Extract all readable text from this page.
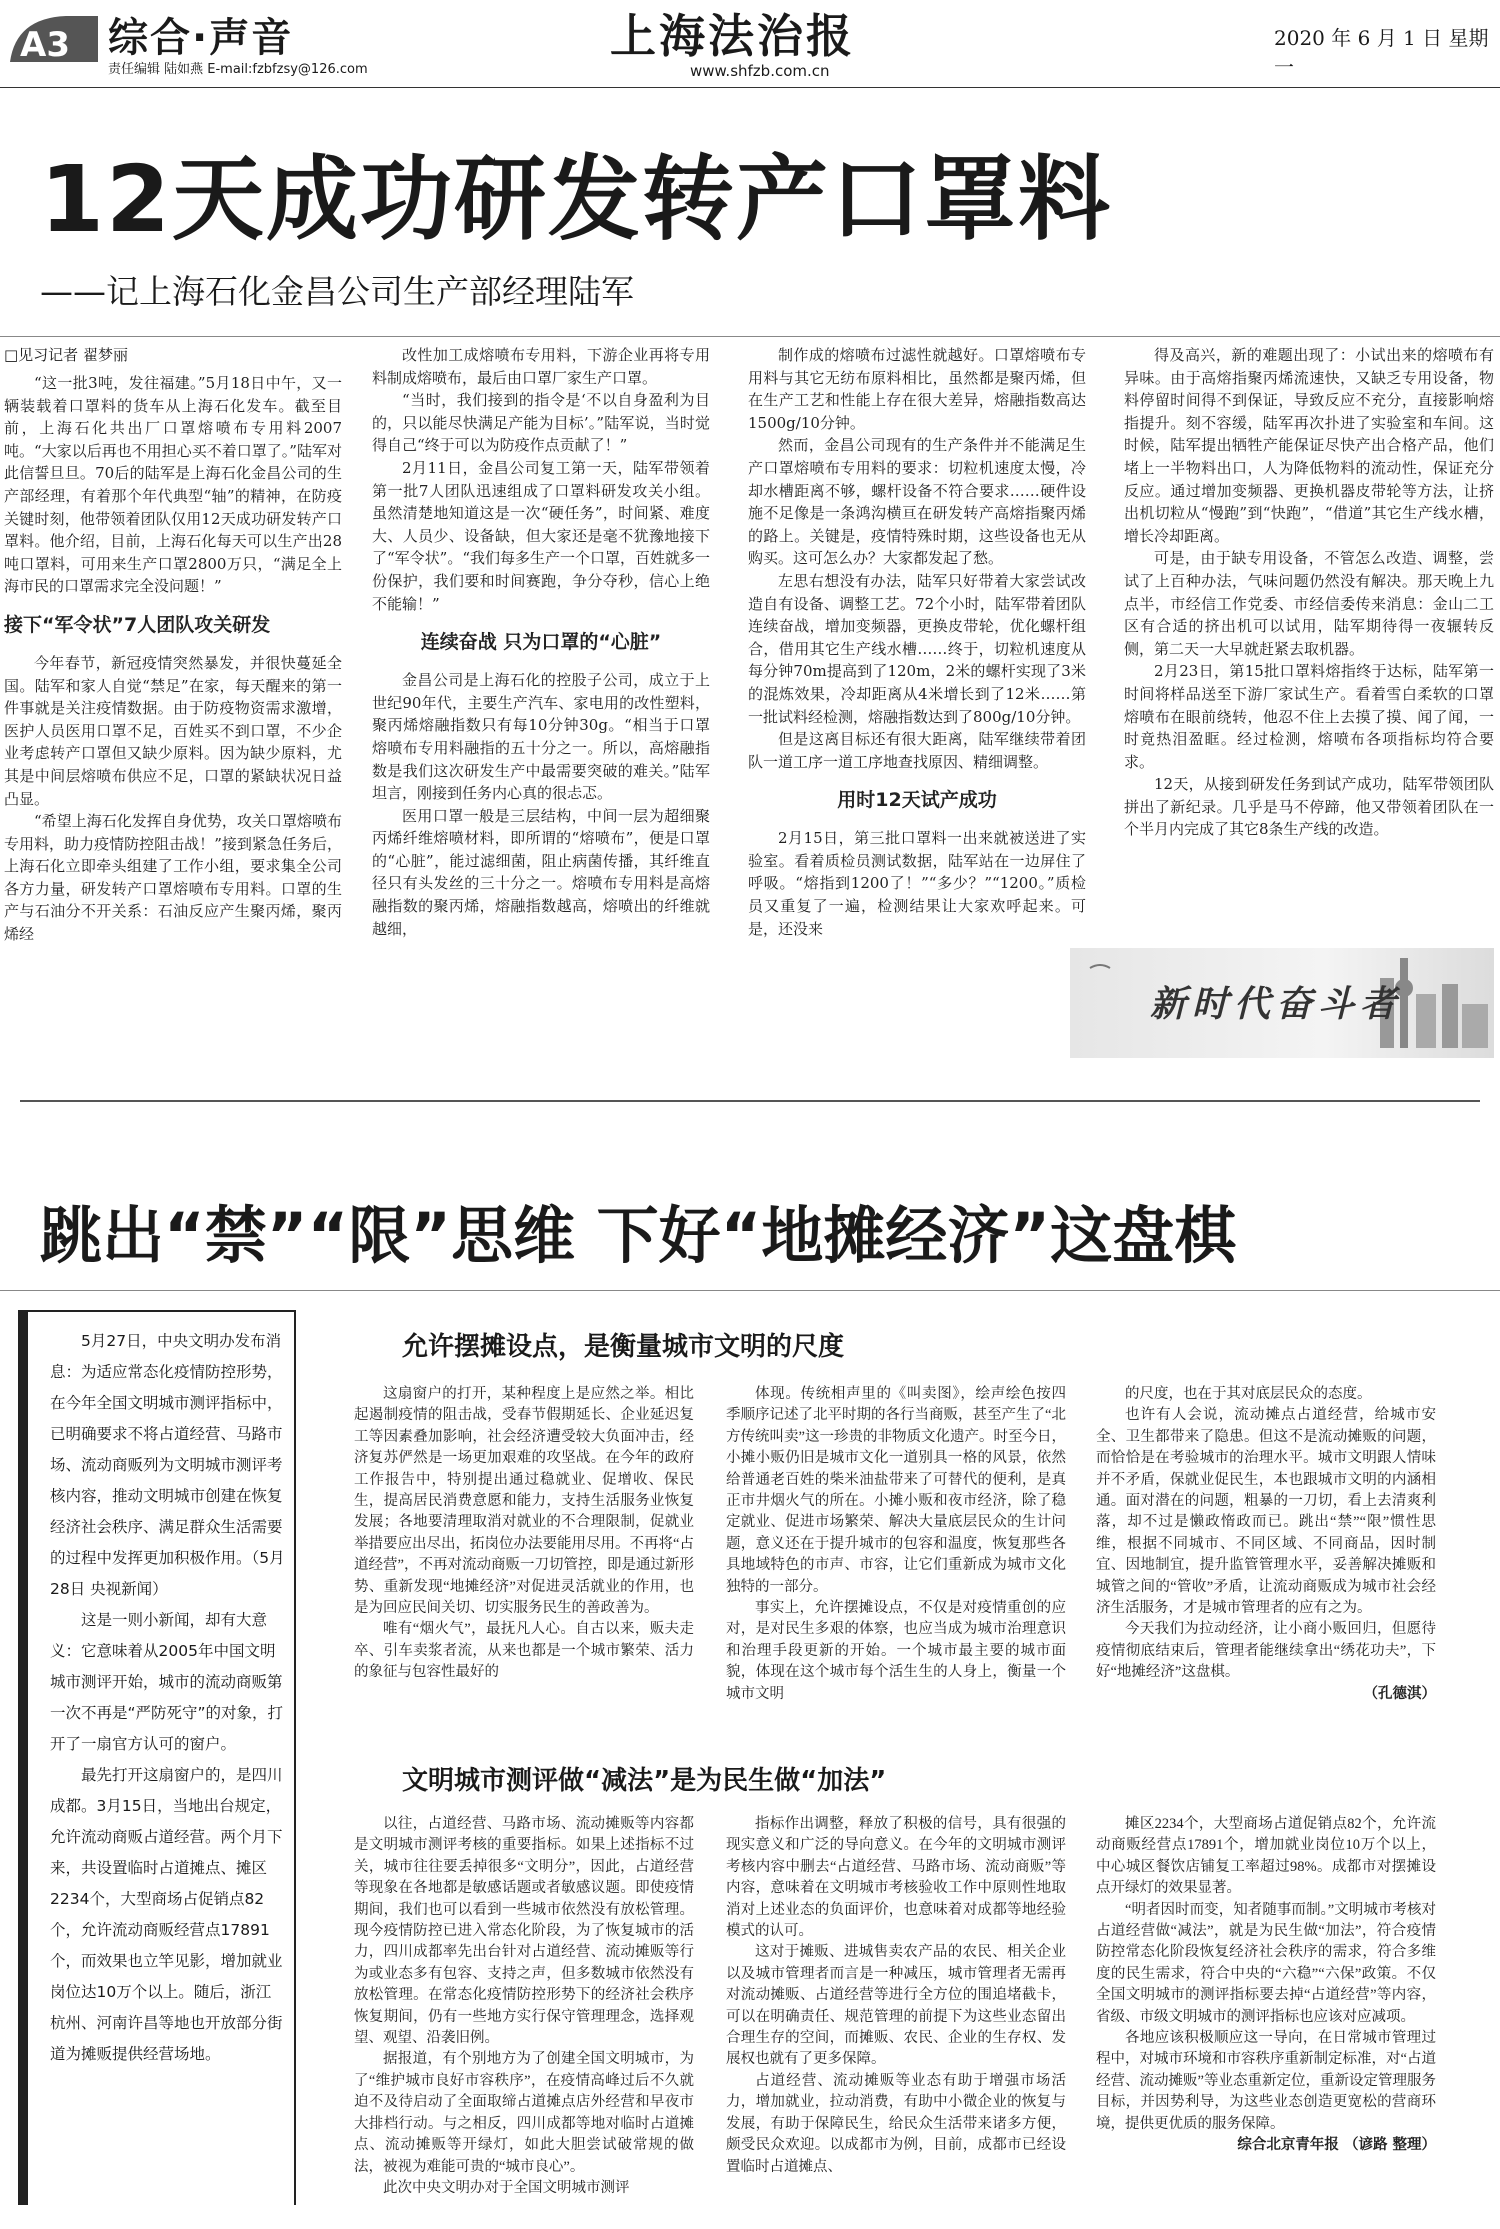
A3 综合·声音
责任编辑 陆如燕 E-mail:fzbfzsy@126.com
上海法治报
www.shfzb.com.cn
2020 年 6 月 1 日 星期一
12天成功研发转产口罩料
——记上海石化金昌公司生产部经理陆军
□见习记者 翟梦丽

“这一批3吨，发往福建。”5月18日中午，又一辆装载着口罩料的货车从上海石化发车。截至目前，上海石化共出厂口罩熔喷布专用料2007吨。“大家以后再也不用担心买不着口罩了。”陆军对此信誓旦旦。70后的陆军是上海石化金昌公司的生产部经理，有着那个年代典型“轴”的精神，在防疫关键时刻，他带领着团队仅用12天成功研发转产口罩料。他介绍，目前，上海石化每天可以生产出28吨口罩料，可用来生产口罩2800万只，“满足全上海市民的口罩需求完全没问题！”

接下“军令状”7人团队攻关研发

今年春节，新冠疫情突然暴发，并很快蔓延全国。陆军和家人自觉“禁足”在家，每天醒来的第一件事就是关注疫情数据。由于防疫物资需求激增，医护人员医用口罩不足，百姓买不到口罩，不少企业考虑转产口罩但又缺少原料。因为缺少原料，尤其是中间层熔喷布供应不足，口罩的紧缺状况日益凸显。

“希望上海石化发挥自身优势，攻关口罩熔喷布专用料，助力疫情防控阻击战！”接到紧急任务后，上海石化立即牵头组建了工作小组，要求集全公司各方力量，研发转产口罩熔喷布专用料。口罩的生产与石油分不开关系：石油反应产生聚丙烯，聚丙烯经

改性加工成熔喷布专用料，下游企业再将专用料制成熔喷布，最后由口罩厂家生产口罩。

“当时，我们接到的指令是‘不以自身盈利为目的，只以能尽快满足产能为目标’。”陆军说，当时觉得自己“终于可以为防疫作点贡献了！”

2月11日，金昌公司复工第一天，陆军带领着第一批7人团队迅速组成了口罩料研发攻关小组。虽然清楚地知道这是一次“硬任务”，时间紧、难度大、人员少、设备缺，但大家还是毫不犹豫地接下了“军令状”。“我们每多生产一个口罩，百姓就多一份保护，我们要和时间赛跑，争分夺秒，信心上绝不能输！”

连续奋战 只为口罩的“心脏”

金昌公司是上海石化的控股子公司，成立于上世纪90年代，主要生产汽车、家电用的改性塑料，聚丙烯熔融指数只有每10分钟30g。“相当于口罩熔喷布专用料融指的五十分之一。所以，高熔融指数是我们这次研发生产中最需要突破的难关。”陆军坦言，刚接到任务内心真的很忐忑。

医用口罩一般是三层结构，中间一层为超细聚丙烯纤维熔喷材料，即所谓的“熔喷布”，便是口罩的“心脏”，能过滤细菌，阻止病菌传播，其纤维直径只有头发丝的三十分之一。熔喷布专用料是高熔融指数的聚丙烯，熔融指数越高，熔喷出的纤维就越细，

制作成的熔喷布过滤性就越好。口罩熔喷布专用料与其它无纺布原料相比，虽然都是聚丙烯，但在生产工艺和性能上存在很大差异，熔融指数高达1500g/10分钟。

然而，金昌公司现有的生产条件并不能满足生产口罩熔喷布专用料的要求：切粒机速度太慢，冷却水槽距离不够，螺杆设备不符合要求……硬件设施不足像是一条鸿沟横亘在研发转产高熔指聚丙烯的路上。关键是，疫情特殊时期，这些设备也无从购买。这可怎么办？大家都发起了愁。

左思右想没有办法，陆军只好带着大家尝试改造自有设备、调整工艺。72个小时，陆军带着团队连续奋战，增加变频器，更换皮带轮，优化螺杆组合，借用其它生产线水槽……终于，切粒机速度从每分钟70m提高到了120m，2米的螺杆实现了3米的混炼效果，冷却距离从4米增长到了12米……第一批试料经检测，熔融指数达到了800g/10分钟。

但是这离目标还有很大距离，陆军继续带着团队一道工序一道工序地查找原因、精细调整。

用时12天试产成功

2月15日，第三批口罩料一出来就被送进了实验室。看着质检员测试数据，陆军站在一边屏住了呼吸。“熔指到1200了！”“多少？”“1200。”质检员又重复了一遍，检测结果让大家欢呼起来。可是，还没来

得及高兴，新的难题出现了：小试出来的熔喷布有异味。由于高熔指聚丙烯流速快，又缺乏专用设备，物料停留时间得不到保证，导致反应不充分，直接影响熔指提升。刻不容缓，陆军再次扑进了实验室和车间。这时候，陆军提出牺牲产能保证尽快产出合格产品，他们堵上一半物料出口，人为降低物料的流动性，保证充分反应。通过增加变频器、更换机器皮带轮等方法，让挤出机切粒从“慢跑”到“快跑”，“借道”其它生产线水槽，增长冷却距离。

可是，由于缺专用设备，不管怎么改造、调整，尝试了上百种办法，气味问题仍然没有解决。那天晚上九点半，市经信工作党委、市经信委传来消息：金山二工区有合适的挤出机可以试用，陆军期待得一夜辗转反侧，第二天一大早就赶紧去取机器。

2月23日，第15批口罩料熔指终于达标，陆军第一时间将样品送至下游厂家试生产。看着雪白柔软的口罩熔喷布在眼前绕转，他忍不住上去摸了摸、闻了闻，一时竟热泪盈眶。经过检测，熔喷布各项指标均符合要求。

12天，从接到研发任务到试产成功，陆军带领团队拼出了新纪录。几乎是马不停蹄，他又带领着团队在一个半月内完成了其它8条生产线的改造。

新时代奋斗者
跳出“禁”“限”思维 下好“地摊经济”这盘棋

5月27日，中央文明办发布消息：为适应常态化疫情防控形势，在今年全国文明城市测评指标中，已明确要求不将占道经营、马路市场、流动商贩列为文明城市测评考核内容，推动文明城市创建在恢复经济社会秩序、满足群众生活需要的过程中发挥更加积极作用。（5月28日 央视新闻）

这是一则小新闻，却有大意义：它意味着从2005年中国文明城市测评开始，城市的流动商贩第一次不再是“严防死守”的对象，打开了一扇官方认可的窗户。

最先打开这扇窗户的，是四川成都。3月15日，当地出台规定，允许流动商贩占道经营。两个月下来，共设置临时占道摊点、摊区2234个，大型商场占促销点82个，允许流动商贩经营点17891个，而效果也立竿见影，增加就业岗位达10万个以上。随后，浙江杭州、河南许昌等地也开放部分街道为摊贩提供经营场地。

允许摆摊设点，是衡量城市文明的尺度

这扇窗户的打开，某种程度上是应然之举。相比起遏制疫情的阻击战，受春节假期延长、企业延迟复工等因素叠加影响，社会经济遭受较大负面冲击，经济复苏俨然是一场更加艰难的攻坚战。在今年的政府工作报告中，特别提出通过稳就业、促增收、保民生，提高居民消费意愿和能力，支持生活服务业恢复发展；各地要清理取消对就业的不合理限制，促就业举措要应出尽出，拓岗位办法要能用尽用。不再将“占道经营”，不再对流动商贩一刀切管控，即是通过新形势、重新发现“地摊经济”对促进灵活就业的作用，也是为回应民间关切、切实服务民生的善政善为。

唯有“烟火气”，最抚凡人心。自古以来，贩夫走卒、引车卖浆者流，从来也都是一个城市繁荣、活力的象征与包容性最好的

体现。传统相声里的《叫卖图》，绘声绘色按四季顺序记述了北平时期的各行当商贩，甚至产生了“北方传统叫卖”这一珍贵的非物质文化遗产。时至今日，小摊小贩仍旧是城市文化一道别具一格的风景，依然给普通老百姓的柴米油盐带来了可替代的便利，是真正市井烟火气的所在。小摊小贩和夜市经济，除了稳定就业、促进市场繁荣、解决大量底层民众的生计问题，意义还在于提升城市的包容和温度，恢复那些各具地域特色的市声、市容，让它们重新成为城市文化独特的一部分。

事实上，允许摆摊设点，不仅是对疫情重创的应对，是对民生多艰的体察，也应当成为城市治理意识和治理手段更新的开始。一个城市最主要的城市面貌，体现在这个城市每个活生生的人身上，衡量一个城市文明

的尺度，也在于其对底层民众的态度。

也许有人会说，流动摊点占道经营，给城市安全、卫生都带来了隐患。但这不是流动摊贩的问题，而恰恰是在考验城市的治理水平。城市文明跟人情味并不矛盾，保就业促民生，本也跟城市文明的内涵相通。面对潜在的问题，粗暴的一刀切，看上去清爽利落，却不过是懒政惰政而已。跳出“禁”“限”惯性思维，根据不同城市、不同区域、不同商品，因时制宜、因地制宜，提升监管管理水平，妥善解决摊贩和城管之间的“管收”矛盾，让流动商贩成为城市社会经济生活服务，才是城市管理者的应有之为。

今天我们为拉动经济，让小商小贩回归，但愿待疫情彻底结束后，管理者能继续拿出“绣花功夫”，下好“地摊经济”这盘棋。

（孔德淇）

文明城市测评做“减法”是为民生做“加法”

以往，占道经营、马路市场、流动摊贩等内容都是文明城市测评考核的重要指标。如果上述指标不过关，城市往往要丢掉很多“文明分”，因此，占道经营等现象在各地都是敏感话题或者敏感议题。即使疫情期间，我们也可以看到一些城市依然没有放松管理。现今疫情防控已进入常态化阶段，为了恢复城市的活力，四川成都率先出台针对占道经营、流动摊贩等行为或业态多有包容、支持之声，但多数城市依然没有放松管理。在常态化疫情防控形势下的经济社会秩序恢复期间，仍有一些地方实行保守管理理念，选择观望、观望、沿袭旧例。

据报道，有个别地方为了创建全国文明城市，为了“维护城市良好市容秩序”，在疫情高峰过后不久就迫不及待启动了全面取缔占道摊点店外经营和早夜市大排档行动。与之相反，四川成都等地对临时占道摊点、流动摊贩等开绿灯，如此大胆尝试破常规的做法，被视为难能可贵的“城市良心”。

此次中央文明办对于全国文明城市测评

指标作出调整，释放了积极的信号，具有很强的现实意义和广泛的导向意义。在今年的文明城市测评考核内容中删去“占道经营、马路市场、流动商贩”等内容，意味着在文明城市考核验收工作中原则性地取消对上述业态的负面评价，也意味着对成都等地经验模式的认可。

这对于摊贩、进城售卖农产品的农民、相关企业以及城市管理者而言是一种减压，城市管理者无需再对流动摊贩、占道经营等进行全方位的围追堵截卡，可以在明确责任、规范管理的前提下为这些业态留出合理生存的空间，而摊贩、农民、企业的生存权、发展权也就有了更多保障。

占道经营、流动摊贩等业态有助于增强市场活力，增加就业，拉动消费，有助中小微企业的恢复与发展，有助于保障民生，给民众生活带来诸多方便，颇受民众欢迎。以成都市为例，目前，成都市已经设置临时占道摊点、

摊区2234个，大型商场占道促销点82个，允许流动商贩经营点17891个，增加就业岗位10万个以上，中心城区餐饮店铺复工率超过98%。成都市对摆摊设点开绿灯的效果显著。

“明者因时而变，知者随事而制。”文明城市考核对占道经营做“减法”，就是为民生做“加法”，符合疫情防控常态化阶段恢复经济社会秩序的需求，符合多维度的民生需求，符合中央的“六稳”“六保”政策。不仅全国文明城市的测评指标要去掉“占道经营”等内容，省级、市级文明城市的测评指标也应该对应减项。

各地应该积极顺应这一导向，在日常城市管理过程中，对城市环境和市容秩序重新制定标准，对“占道经营、流动摊贩”等业态重新定位，重新设定管理服务目标，并因势利导，为这些业态创造更宽松的营商环境，提供更优质的服务保障。

综合北京青年报 （谚路 整理）
